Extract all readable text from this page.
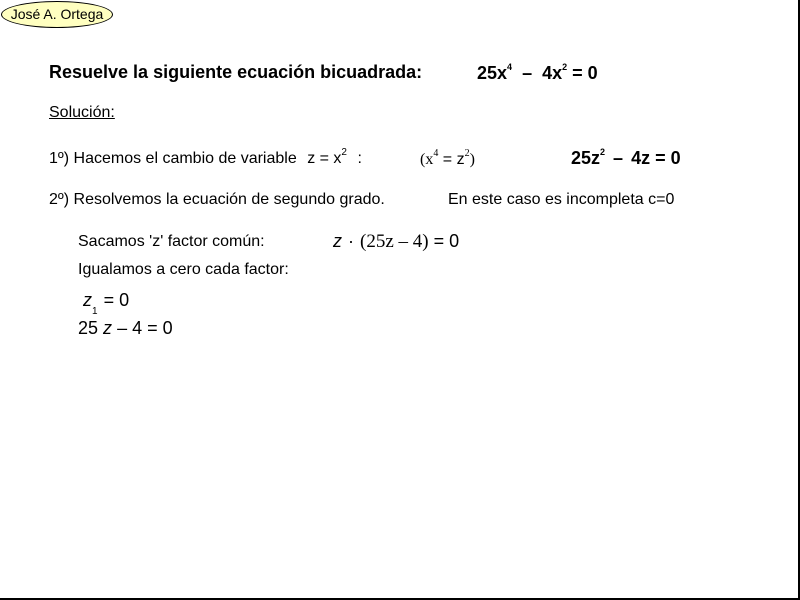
José A. Ortega
Resuelve la siguiente ecuación bicuadrada:	$25x^4 - 4x^2 = 0$
Solución:
1º) Hacemos el cambio de variable $z = x^2$ :	$(x^4 = z^2)$	$25z^2 - 4z = 0$
2º) Resolvemos la ecuación de segundo grado.	En este caso es incompleta c=0
Sacamos 'z' factor común:	z · (25z – 4) = 0
Igualamos a cero cada factor:
$z_1= 0$
25 z – 4 = 0
